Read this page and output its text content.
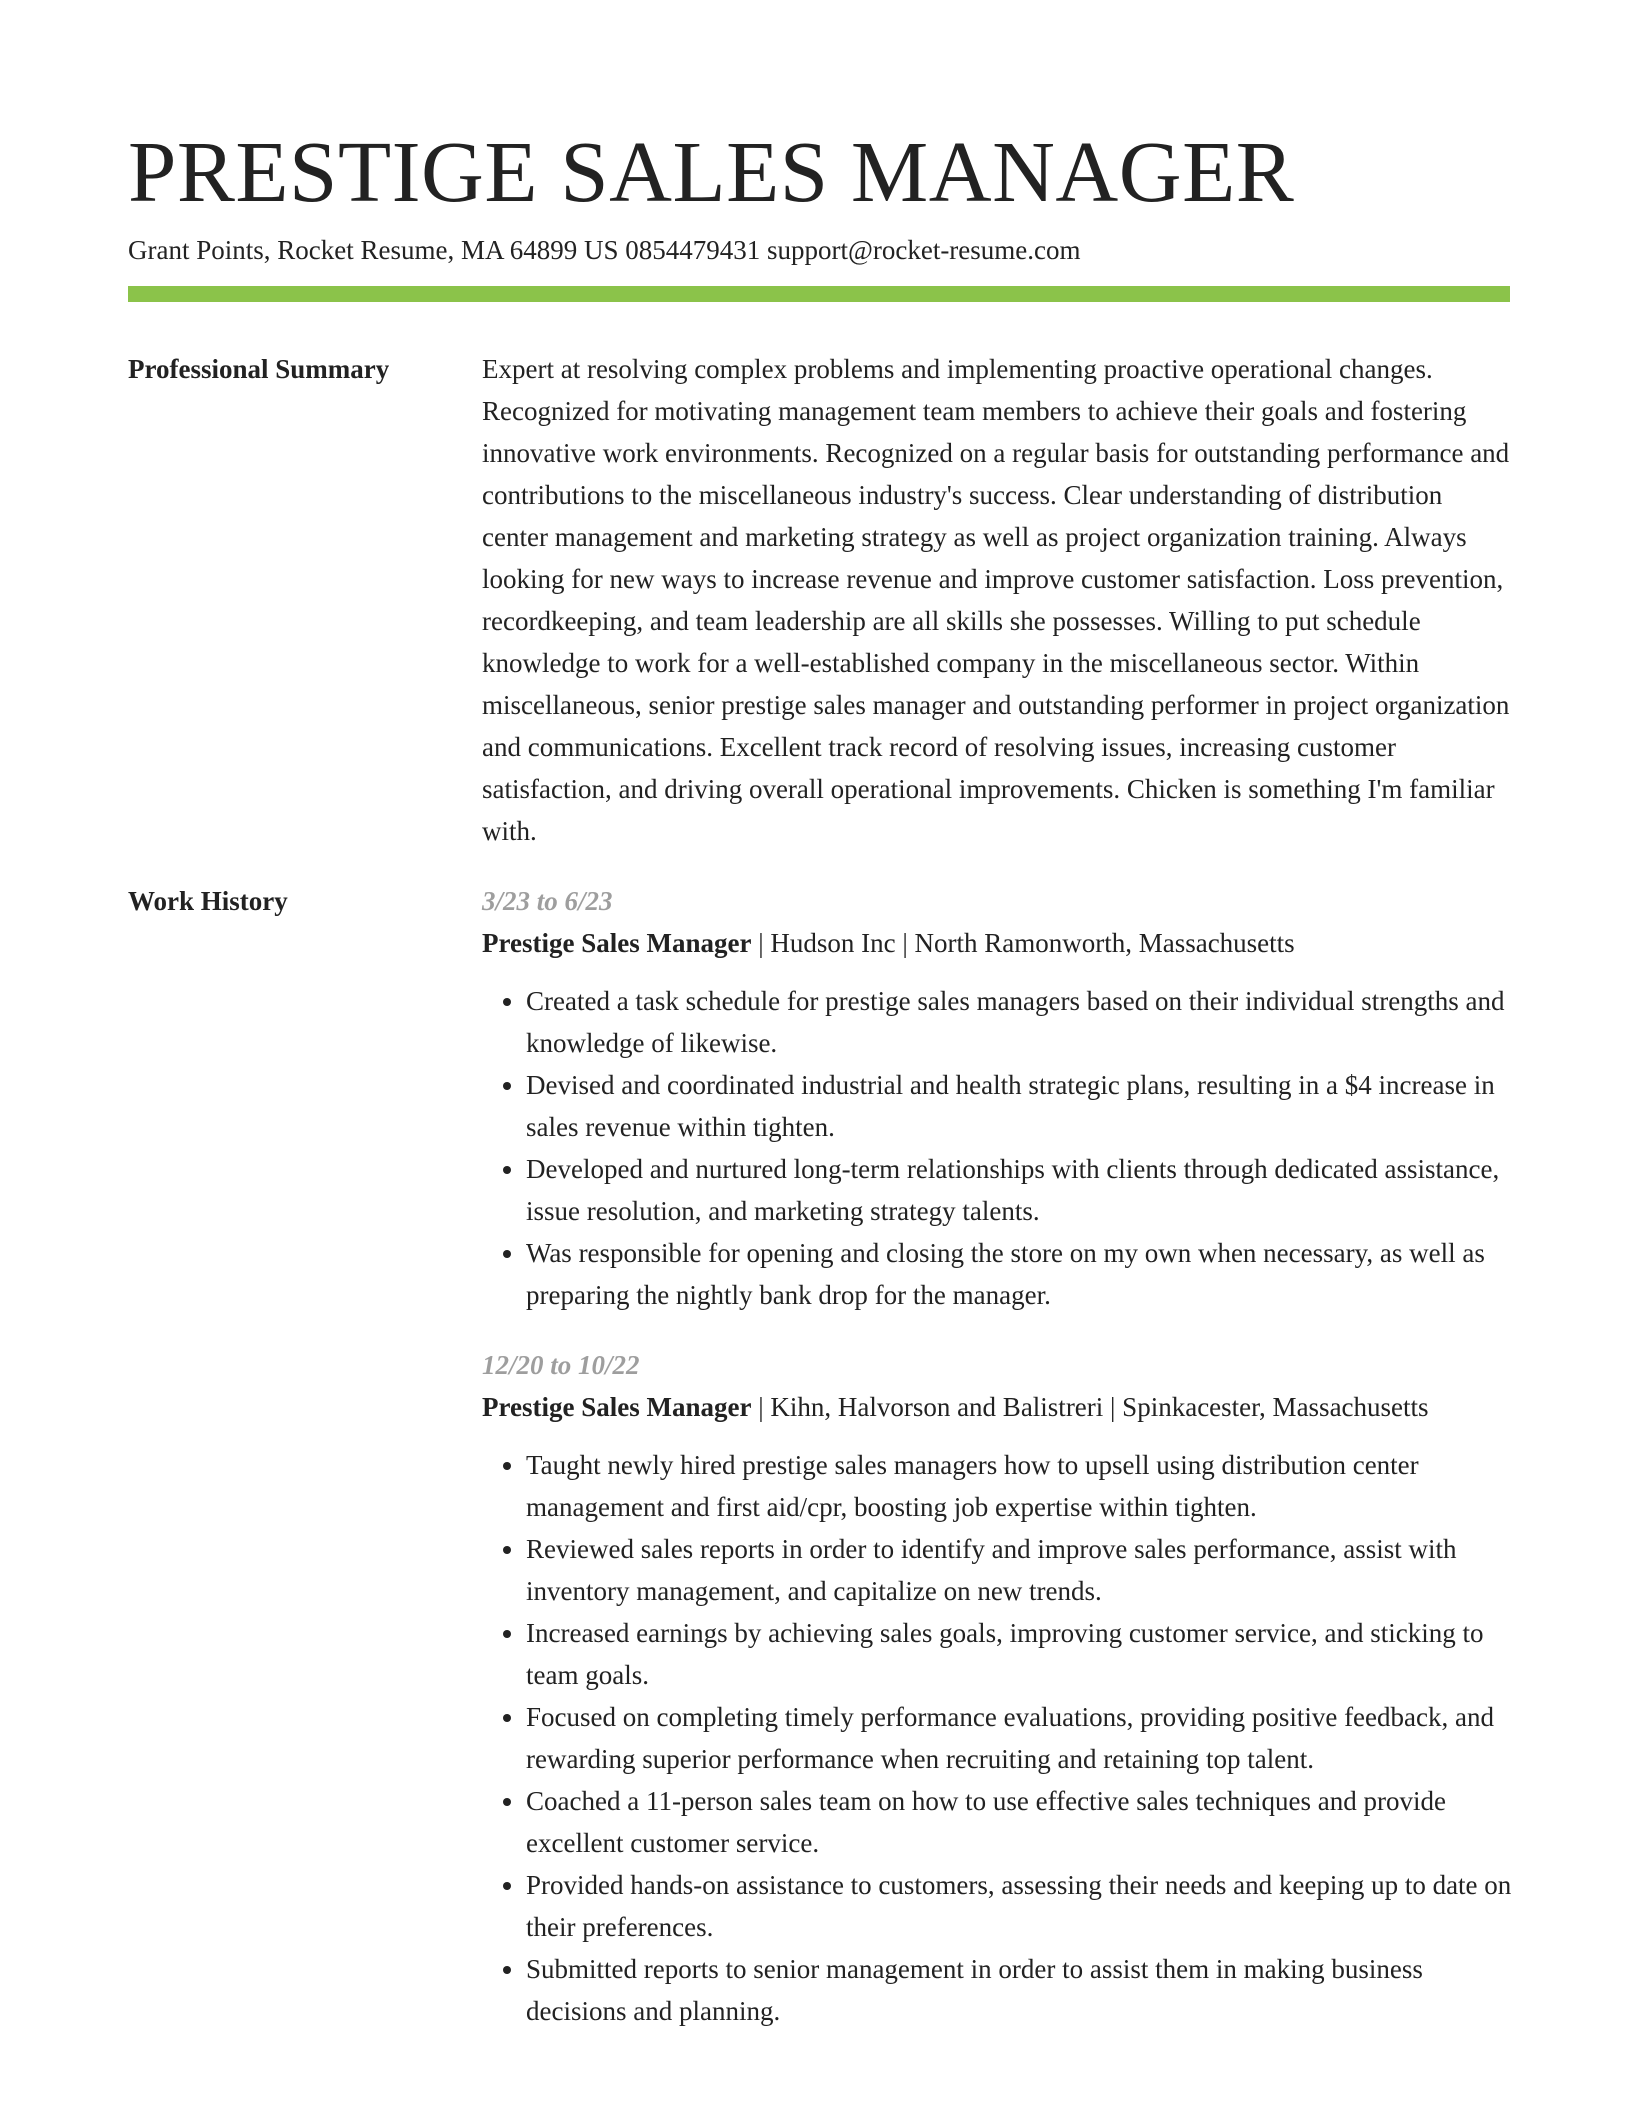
PRESTIGE SALES MANAGER
Grant Points, Rocket Resume, MA 64899 US 0854479431 support@rocket-resume.com
Professional Summary	Expert at resolving complex problems and implementing proactive operational changes. Recognized for motivating management team members to achieve their goals and fostering innovative work environments. Recognized on a regular basis for outstanding performance and contributions to the miscellaneous industry's success. Clear understanding of distribution center management and marketing strategy as well as project organization training. Always looking for new ways to increase revenue and improve customer satisfaction. Loss prevention, recordkeeping, and team leadership are all skills she possesses. Willing to put schedule knowledge to work for a well-established company in the miscellaneous sector. Within miscellaneous, senior prestige sales manager and outstanding performer in project organization and communications. Excellent track record of resolving issues, increasing customer satisfaction, and driving overall operational improvements. Chicken is something I'm familiar with.

Work History	3/23 to 6/23
Prestige Sales Manager | Hudson Inc | North Ramonworth, Massachusetts
• Created a task schedule for prestige sales managers based on their individual strengths and knowledge of likewise.
• Devised and coordinated industrial and health strategic plans, resulting in a $4 increase in sales revenue within tighten.
• Developed and nurtured long-term relationships with clients through dedicated assistance, issue resolution, and marketing strategy talents.
• Was responsible for opening and closing the store on my own when necessary, as well as preparing the nightly bank drop for the manager.
12/20 to 10/22
Prestige Sales Manager | Kihn, Halvorson and Balistreri | Spinkacester, Massachusetts
• Taught newly hired prestige sales managers how to upsell using distribution center management and first aid/cpr, boosting job expertise within tighten.
• Reviewed sales reports in order to identify and improve sales performance, assist with inventory management, and capitalize on new trends.
• Increased earnings by achieving sales goals, improving customer service, and sticking to team goals.
• Focused on completing timely performance evaluations, providing positive feedback, and rewarding superior performance when recruiting and retaining top talent.
• Coached a 11-person sales team on how to use effective sales techniques and provide excellent customer service.
• Provided hands-on assistance to customers, assessing their needs and keeping up to date on their preferences.
• Submitted reports to senior management in order to assist them in making business decisions and planning.
